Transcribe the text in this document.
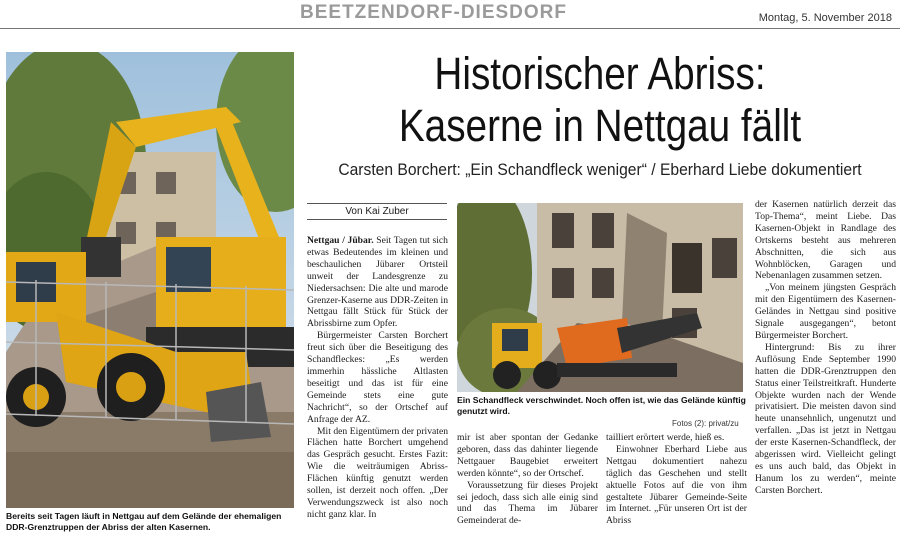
BEETZENDORF-DIESDORF	Montag, 5. November 2018
Bereits seit Tagen läuft in Nettgau auf dem Gelände der ehemaligen DDR-Grenztruppen der Abriss der alten Kasernen.
Historischer Abriss:
Kaserne in Nettgau fällt
Carsten Borchert: „Ein Schandfleck weniger“ / Eberhard Liebe dokumentiert
Von Kai Zuber

Nettgau / Jübar. Seit Tagen tut sich etwas Bedeutendes im kleinen und beschaulichen Jübarer Ortsteil unweit der Landesgrenze zu Niedersachsen: Die alte und marode Grenzer-Kaserne aus DDR-Zeiten in Nettgau fällt Stück für Stück der Abrissbirne zum Opfer.

Bürgermeister Carsten Borchert freut sich über die Beseitigung des Schandfleckes: „Es werden immerhin hässliche Altlasten beseitigt und das ist für eine Gemeinde stets eine gute Nachricht“, so der Ortschef auf Anfrage der AZ.

Mit den Eigentümern der privaten Flächen hatte Borchert umgehend das Gespräch gesucht. Erstes Fazit: Wie die weiträumigen Abriss-Flächen künftig genutzt werden sollen, ist derzeit noch offen. „Der Verwendungszweck ist also noch nicht ganz klar. In

Ein Schandfleck verschwindet. Noch offen ist, wie das Gelände künftig genutzt wird.
Fotos (2): privat/zu

mir ist aber spontan der Gedanke geboren, dass das dahinter liegende Nettgauer Baugebiet erweitert werden könnte“, so der Ortschef.

Voraussetzung für dieses Projekt sei jedoch, dass sich alle einig sind und das Thema im Jübarer Gemeinderat de-

tailliert erörtert werde, hieß es.

Einwohner Eberhard Liebe aus Nettgau dokumentiert nahezu täglich das Geschehen und stellt aktuelle Fotos auf die von ihm gestaltete Jübarer Gemeinde-Seite im Internet. „Für unseren Ort ist der Abriss

der Kasernen natürlich derzeit das Top-Thema“, meint Liebe. Das Kasernen-Objekt in Randlage des Ortskerns besteht aus mehreren Abschnitten, die sich aus Wohnblöcken, Garagen und Nebenanlagen zusammen setzen.

„Von meinem jüngsten Gespräch mit den Eigentümern des Kasernen-Geländes in Nettgau sind positive Signale ausgegangen“, betont Bürgermeister Borchert.

Hintergrund: Bis zu ihrer Auflösung Ende September 1990 hatten die DDR-Grenztruppen den Status einer Teilstreitkraft. Hunderte Objekte wurden nach der Wende privatisiert. Die meisten davon sind heute unansehnlich, ungenutzt und verfallen. „Das ist jetzt in Nettgau der erste Kasernen-Schandfleck, der abgerissen wird. Vielleicht gelingt es uns auch bald, das Objekt in Hanum los zu werden“, meinte Carsten Borchert.
